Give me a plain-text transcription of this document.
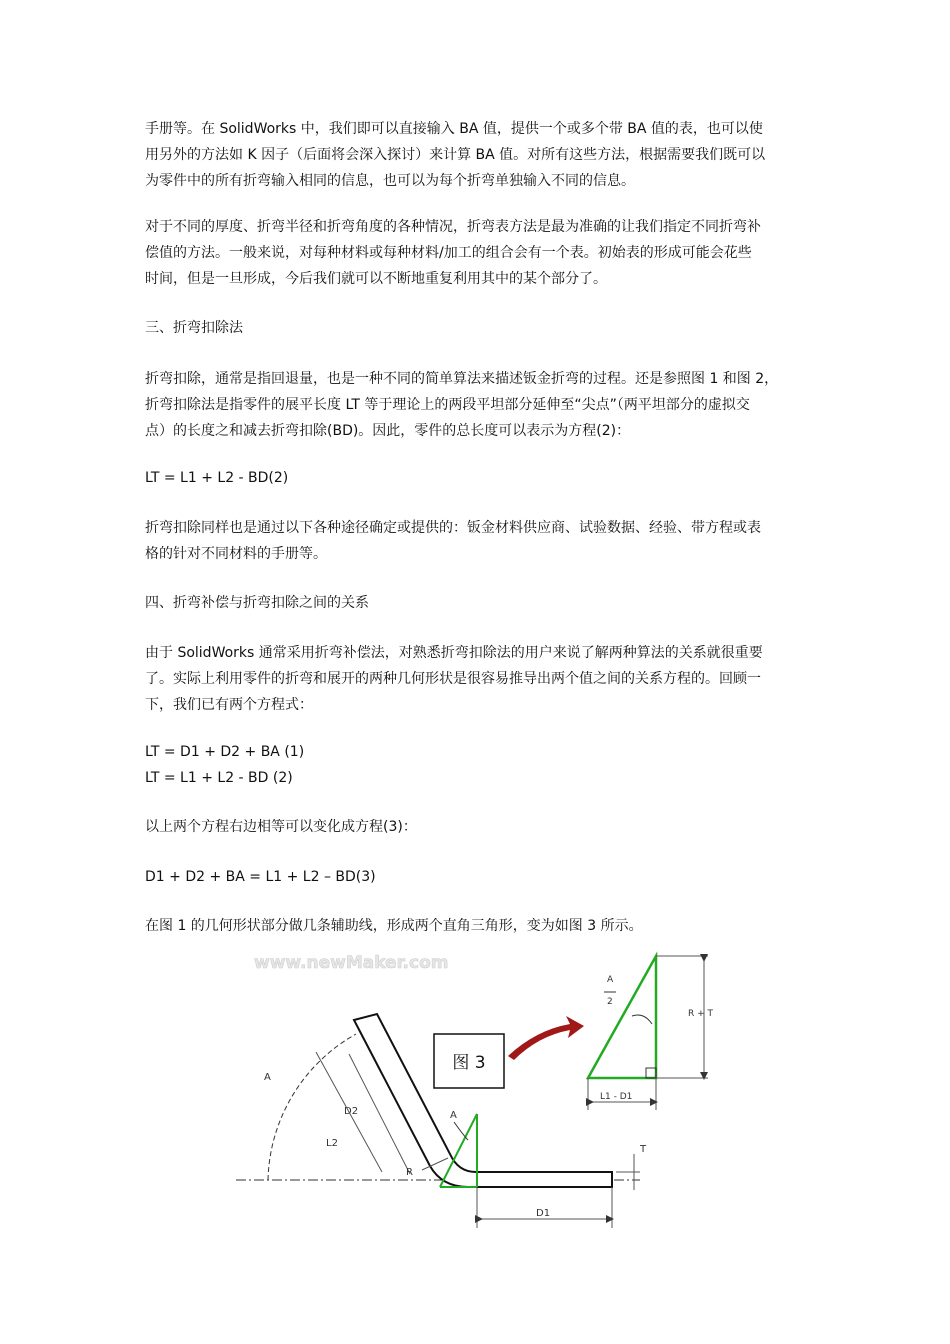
手册等。在 SolidWorks 中，我们即可以直接输入 BA 值，提供一个或多个带 BA 值的表，也可以使

用另外的方法如 K 因子（后面将会深入探讨）来计算 BA 值。对所有这些方法，根据需要我们既可以

为零件中的所有折弯输入相同的信息，也可以为每个折弯单独输入不同的信息。

对于不同的厚度、折弯半径和折弯角度的各种情况，折弯表方法是最为准确的让我们指定不同折弯补

偿值的方法。一般来说，对每种材料或每种材料/加工的组合会有一个表。初始表的形成可能会花些

时间，但是一旦形成，今后我们就可以不断地重复利用其中的某个部分了。

三、折弯扣除法

折弯扣除，通常是指回退量，也是一种不同的简单算法来描述钣金折弯的过程。还是参照图 1 和图 2，

折弯扣除法是指零件的展平长度 LT 等于理论上的两段平坦部分延伸至“尖点”（两平坦部分的虚拟交

点）的长度之和减去折弯扣除(BD)。因此，零件的总长度可以表示为方程(2)：

LT = L1 + L2 - BD(2)

折弯扣除同样也是通过以下各种途径确定或提供的：钣金材料供应商、试验数据、经验、带方程或表

格的针对不同材料的手册等。

四、折弯补偿与折弯扣除之间的关系

由于 SolidWorks 通常采用折弯补偿法，对熟悉折弯扣除法的用户来说了解两种算法的关系就很重要

了。实际上利用零件的折弯和展开的两种几何形状是很容易推导出两个值之间的关系方程的。回顾一

下，我们已有两个方程式：

LT = D1 + D2 + BA (1)

LT = L1 + L2 - BD (2)

以上两个方程右边相等可以变化成方程(3)：

D1 + D2 + BA = L1 + L2 – BD(3)

在图 1 的几何形状部分做几条辅助线，形成两个直角三角形，变为如图 3 所示。

www.newMaker.com
A
D2
L2
R
A
D1
T
图 3
A
2
R + T
L1 - D1
